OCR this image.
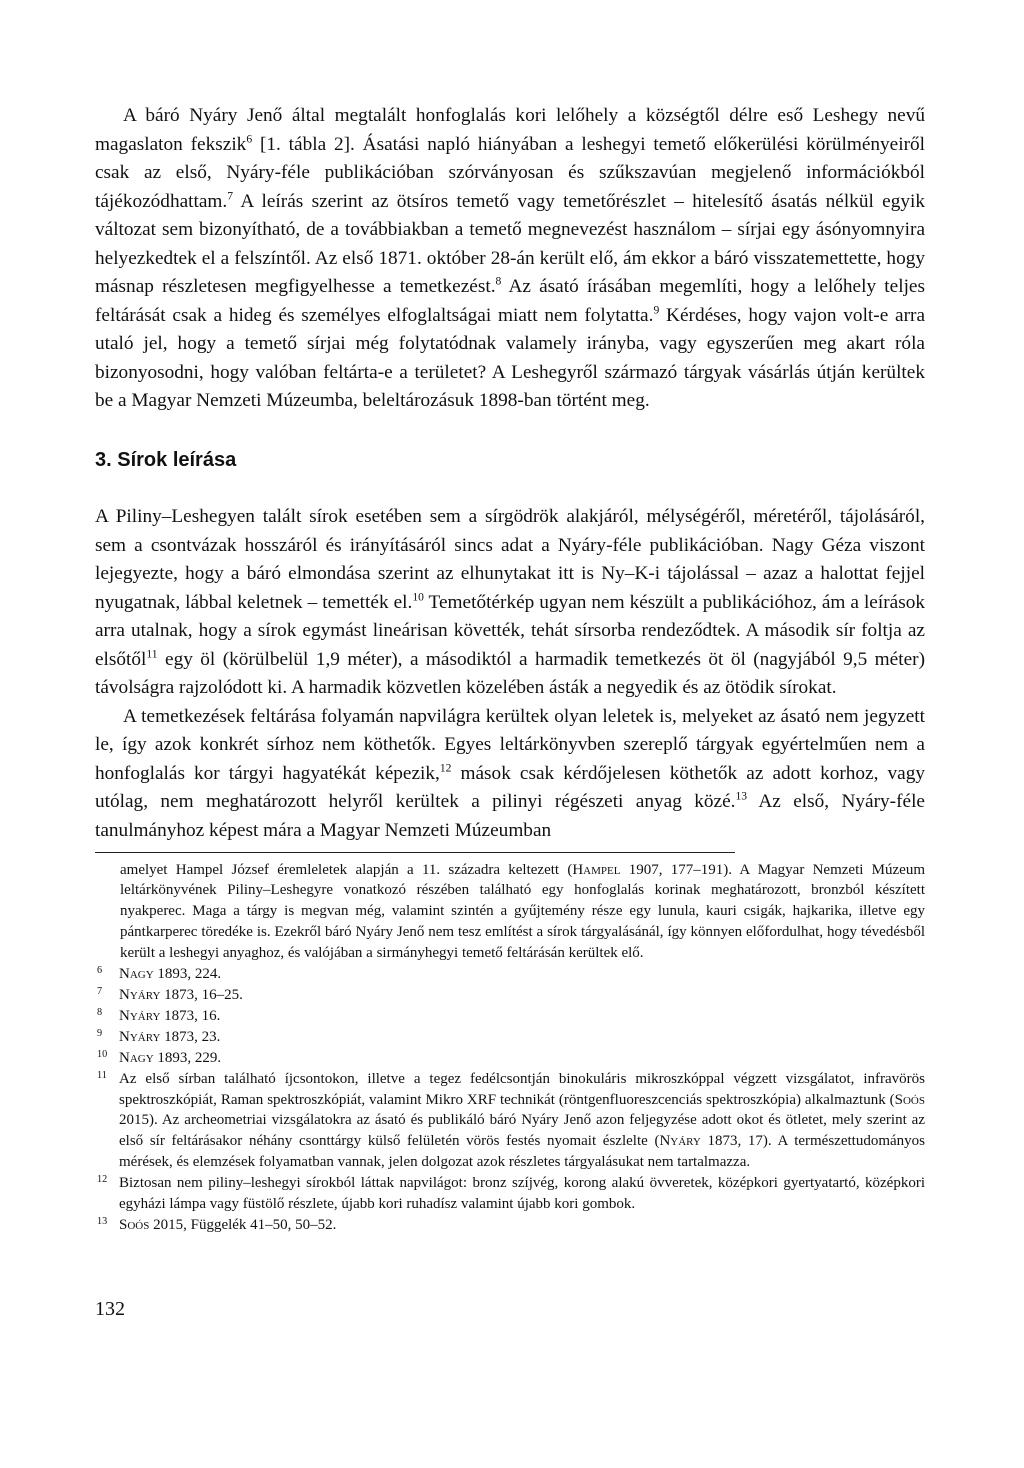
A báró Nyáry Jenő által megtalált honfoglalás kori lelőhely a községtől délre eső Leshegy nevű magaslaton fekszik$^6$ [1. tábla 2]. Ásatási napló hiányában a leshegyi temető előkerülési körülményeiről csak az első, Nyáry-féle publikációban szórványosan és szűkszavúan megjelenő információkból tájékozódhattam.$^7$ A leírás szerint az ötsíros temető vagy temetőrészlet – hitelesítő ásatás nélkül egyik változat sem bizonyítható, de a továbbiakban a temető megnevezést használom – sírjai egy ásónyomnyira helyezkedtek el a felszíntől. Az első 1871. október 28-án került elő, ám ekkor a báró visszatemettette, hogy másnap részletesen megfigyelhesse a temetkezést.$^8$ Az ásató írásában megemlíti, hogy a lelőhely teljes feltárását csak a hideg és személyes elfoglaltságai miatt nem folytatta.$^9$ Kérdéses, hogy vajon volt-e arra utaló jel, hogy a temető sírjai még folytatódnak valamely irányba, vagy egyszerűen meg akart róla bizonyosodni, hogy valóban feltárta-e a területet? A Leshegyről származó tárgyak vásárlás útján kerültek be a Magyar Nemzeti Múzeumba, beleltározásuk 1898-ban történt meg.

3. Sírok leírása

A Piliny–Leshegyen talált sírok esetében sem a sírgödrök alakjáról, mélységéről, méretéről, tájolásáról, sem a csontvázak hosszáról és irányításáról sincs adat a Nyáry-féle publikációban. Nagy Géza viszont lejegyezte, hogy a báró elmondása szerint az elhunytakat itt is Ny–K-i tájolással – azaz a halottat fejjel nyugatnak, lábbal keletnek – temették el.$^{10}$ Temetőtérkép ugyan nem készült a publikációhoz, ám a leírások arra utalnak, hogy a sírok egymást lineárisan követték, tehát sírsorba rendeződtek. A második sír foltja az elsőtől$^{11}$ egy öl (körülbelül 1,9 méter), a másodiktól a harmadik temetkezés öt öl (nagyjából 9,5 méter) távolságra rajzolódott ki. A harmadik közvetlen közelében ásták a negyedik és az ötödik sírokat.

A temetkezések feltárása folyamán napvilágra kerültek olyan leletek is, melyeket az ásató nem jegyzett le, így azok konkrét sírhoz nem köthetők. Egyes leltárkönyvben szereplő tárgyak egyértelműen nem a honfoglalás kor tárgyi hagyatékát képezik,$^{12}$ mások csak kérdőjelesen köthetők az adott korhoz, vagy utólag, nem meghatározott helyről kerültek a pilinyi régészeti anyag közé.$^{13}$ Az első, Nyáry-féle tanulmányhoz képest mára a Magyar Nemzeti Múzeumban

amelyet Hampel József éremleletek alapján a 11. századra keltezett (Hampel 1907, 177–191). A Magyar Nemzeti Múzeum leltárkönyvének Piliny–Leshegyre vonatkozó részében található egy honfoglalás korinak meghatározott, bronzból készített nyakperec. Maga a tárgy is megvan még, valamint szintén a gyűjtemény része egy lunula, kauri csigák, hajkarika, illetve egy pántkarperec töredéke is. Ezekről báró Nyáry Jenő nem tesz említést a sírok tárgyalásánál, így könnyen előfordulhat, hogy tévedésből került a leshegyi anyaghoz, és valójában a sirmányhegyi temető feltárásán kerültek elő.

6	Nagy 1893, 224.
7	Nyáry 1873, 16–25.
8	Nyáry 1873, 16.
9	Nyáry 1873, 23.
10 Nagy 1893, 229.
11 Az első sírban található íjcsontokon, illetve a tegez fedélcsontján binokuláris mikroszkóppal végzett vizsgálatot, infravörös spektroszkópiát, Raman spektroszkópiát, valamint Mikro XRF technikát (röntgenfluoreszcenciás spektroszkópia) alkalmaztunk (Soós 2015). Az archeometriai vizsgálatokra az ásató és publikáló báró Nyáry Jenő azon feljegyzése adott okot és ötletet, mely szerint az első sír feltárásakor néhány csonttárgy külső felületén vörös festés nyomait észlelte (Nyáry 1873, 17). A természettudományos mérések, és elemzések folyamatban vannak, jelen dolgozat azok részletes tárgyalásukat nem tartalmazza.
12 Biztosan nem piliny–leshegyi sírokból láttak napvilágot: bronz szíjvég, korong alakú övveretek, középkori gyertyatartó, középkori egyházi lámpa vagy füstölő részlete, újabb kori ruhadísz valamint újabb kori gombok.
13 Soós 2015, Függelék 41–50, 50–52.
132
